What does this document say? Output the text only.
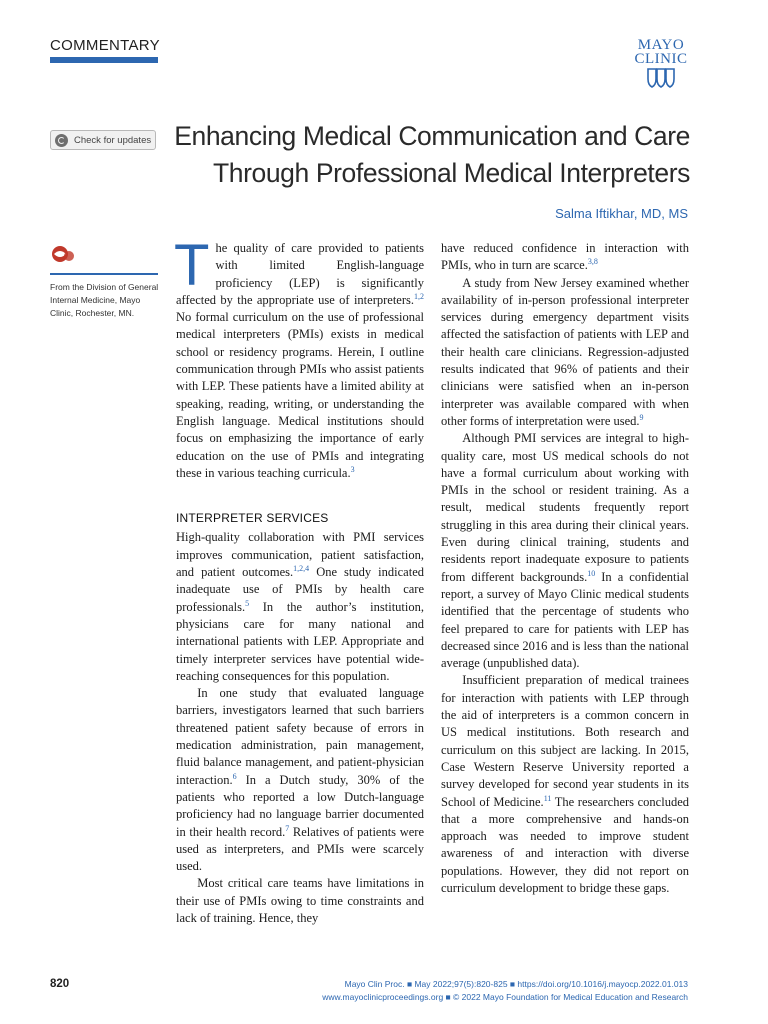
COMMENTARY	MAYO
CLINIC
Check for updates Enhancing Medical Communication and Care
Through Professional Medical Interpreters
Salma Iftikhar, MD, MS
From the Division of General Internal Medicine, Mayo Clinic, Rochester, MN.

The quality of care provided to patients with limited English-language proficiency (LEP) is significantly affected by the appropriate use of interpreters.$^{1,2}$ No formal curriculum on the use of professional medical interpreters (PMIs) exists in medical school or residency programs. Herein, I outline communication through PMIs who assist patients with LEP. These patients have a limited ability at speaking, reading, writing, or understanding the English language. Medical institutions should focus on emphasizing the importance of early education on the use of PMIs and integrating these in various teaching curricula.$^3$

INTERPRETER SERVICES

High-quality collaboration with PMI services improves communication, patient satisfaction, and patient outcomes.$^{1,2,4}$ One study indicated inadequate use of PMIs by health care professionals.$^5$ In the author’s institution, physicians care for many national and international patients with LEP. Appropriate and timely interpreter services have potential wide-reaching consequences for this population.

In one study that evaluated language barriers, investigators learned that such barriers threatened patient safety because of errors in medication administration, pain management, fluid balance management, and patient-physician interaction.$^6$ In a Dutch study, 30% of the patients who reported a low Dutch-language proficiency had no language barrier documented in their health record.$^7$ Relatives of patients were used as interpreters, and PMIs were scarcely used.

Most critical care teams have limitations in their use of PMIs owing to time constraints and lack of training. Hence, they

have reduced confidence in interaction with PMIs, who in turn are scarce.$^{3,8}$

A study from New Jersey examined whether availability of in-person professional interpreter services during emergency department visits affected the satisfaction of patients with LEP and their health care clinicians. Regression-adjusted results indicated that 96% of patients and their clinicians were satisfied when an in-person interpreter was available compared with when other forms of interpretation were used.$^9$

Although PMI services are integral to high-quality care, most US medical schools do not have a formal curriculum about working with PMIs in the school or resident training. As a result, medical students frequently report struggling in this area during their clinical years. Even during clinical training, students and residents report inadequate exposure to patients from different backgrounds.$^{10}$ In a confidential report, a survey of Mayo Clinic medical students identified that the percentage of students who feel prepared to care for patients with LEP has decreased since 2016 and is less than the national average (unpublished data).

Insufficient preparation of medical trainees for interaction with patients with LEP through the aid of interpreters is a common concern in US medical institutions. Both research and curriculum on this subject are lacking. In 2015, Case Western Reserve University reported a survey developed for second year students in its School of Medicine.$^{11}$ The researchers concluded that a more comprehensive and hands-on approach was needed to improve student awareness of and interaction with diverse populations. However, they did not report on curriculum development to bridge these gaps.

820	Mayo Clin Proc. ■ May 2022;97(5):820-825 ■ https://doi.org/10.1016/j.mayocp.2022.01.013
www.mayoclinicproceedings.org ■ © 2022 Mayo Foundation for Medical Education and Research
